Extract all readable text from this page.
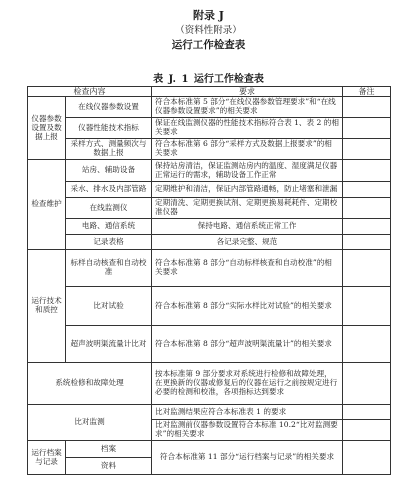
附录 J
（资料性附录）
运行工作检查表
表 J. 1 运行工作检查表
检查内容		要求	备注
仪器参数设置及数据上报	在线仪器参数设置	符合本标准第 5 部分“在线仪器参数管理要求”和“在线仪器参数设置要求”的相关要求	
	仪器性能技术指标	保证在线监测仪器的性能技术指标符合表 1、表 2 的相关要求	
	采样方式、测量频次与数据上报	符合本标准第 6 部分“采样方式及数据上报要求”的相关要求	
检查维护	站房、辅助设备	保持站房清洁，保证监测站房内的温度、湿度满足仪器正常运行的需求，辅助设备工作正常	
	采水、排水及内部管路	定期维护和清洁，保证内部管路通畅，防止堵塞和泄漏	
	在线监测仪	定期清洗、定期更换试剂、定期更换易耗耗件、定期校准仪器	
	电路、通信系统	保持电路、通信系统正常工作	
	记录表格	各记录完整、规范	
运行技术和质控	标样自动核查和自动校准	符合本标准第 8 部分“自动标样核查和自动校准”的相关要求	
	比对试验	符合本标准第 8 部分“实际水样比对试验”的相关要求	
	超声波明渠流量计比对	符合本标准第 8 部分“超声波明渠流量计”的相关要求	
系统检修和故障处理		按本标准第 9 部分要求对系统进行检修和故障处理，在更换新的仪器或修复后的仪器在运行之前按规定进行必要的检测和校准，各项指标达到要求	
比对监测		比对监测结果应符合本标准表 1 的要求	
		比对监测前仪器参数设置符合本标准 10.2“比对监测要求”的相关要求	
运行档案与记录	档案	符合本标准第 11 部分“运行档案与记录”的相关要求	
	资料		
